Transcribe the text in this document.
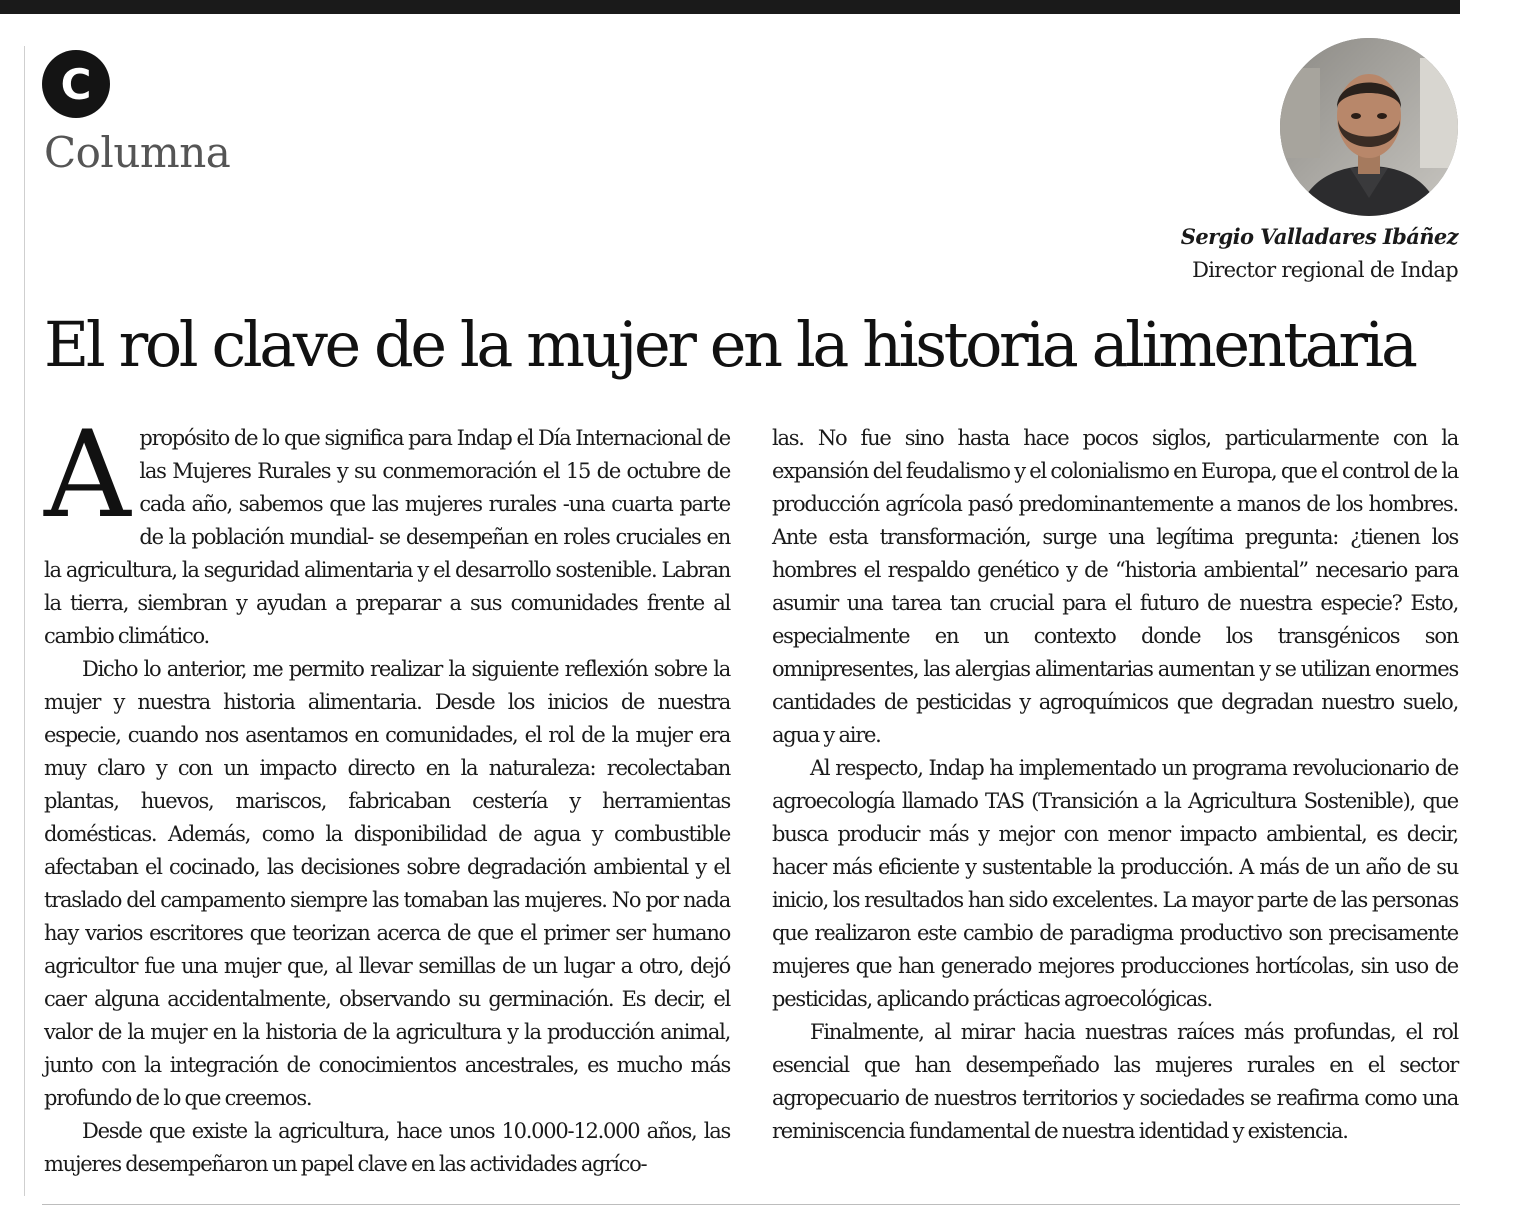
C
Columna
Sergio Valladares Ibáñez
Director regional de Indap
El rol clave de la mujer en la historia alimentaria

Apropósito de lo que significa para Indap el Día Internacional de las Mujeres Rurales y su conmemoración el 15 de octubre de cada año, sabemos que las mujeres rurales -una cuarta parte de la población mundial- se desempeñan en roles cruciales en la agricultura, la seguridad alimentaria y el desarrollo sostenible. Labran la tierra, siembran y ayudan a preparar a sus comunidades frente al cambio climático.

Dicho lo anterior, me permito realizar la siguiente reflexión sobre la mujer y nuestra historia alimentaria. Desde los inicios de nuestra especie, cuando nos asentamos en comunidades, el rol de la mujer era muy claro y con un impacto directo en la naturaleza: recolectaban plantas, huevos, mariscos, fabricaban cestería y herramientas domésticas. Además, como la disponibilidad de agua y combustible afectaban el cocinado, las decisiones sobre degradación ambiental y el traslado del campamento siempre las tomaban las mujeres. No por nada hay varios escritores que teorizan acerca de que el primer ser humano agricultor fue una mujer que, al llevar semillas de un lugar a otro, dejó caer alguna accidentalmente, observando su germinación. Es decir, el valor de la mujer en la historia de la agricultura y la producción animal, junto con la integración de conocimientos ancestrales, es mucho más profundo de lo que creemos.

Desde que existe la agricultura, hace unos 10.000-12.000 años, las mujeres desempeñaron un papel clave en las actividades agríco-

las. No fue sino hasta hace pocos siglos, particularmente con la expansión del feudalismo y el colonialismo en Europa, que el control de la producción agrícola pasó predominantemente a manos de los hombres. Ante esta transformación, surge una legítima pregunta: ¿tienen los hombres el respaldo genético y de “historia ambiental” necesario para asumir una tarea tan crucial para el futuro de nuestra especie? Esto, especialmente en un contexto donde los transgénicos son omnipresentes, las alergias alimentarias aumentan y se utilizan enormes cantidades de pesticidas y agroquímicos que degradan nuestro suelo, agua y aire.

Al respecto, Indap ha implementado un programa revolucionario de agroecología llamado TAS (Transición a la Agricultura Sostenible), que busca producir más y mejor con menor impacto ambiental, es decir, hacer más eficiente y sustentable la producción. A más de un año de su inicio, los resultados han sido excelentes. La mayor parte de las personas que realizaron este cambio de paradigma productivo son precisamente mujeres que han generado mejores producciones hortícolas, sin uso de pesticidas, aplicando prácticas agroecológicas.

Finalmente, al mirar hacia nuestras raíces más profundas, el rol esencial que han desempeñado las mujeres rurales en el sector agropecuario de nuestros territorios y sociedades se reafirma como una reminiscencia fundamental de nuestra identidad y existencia.
